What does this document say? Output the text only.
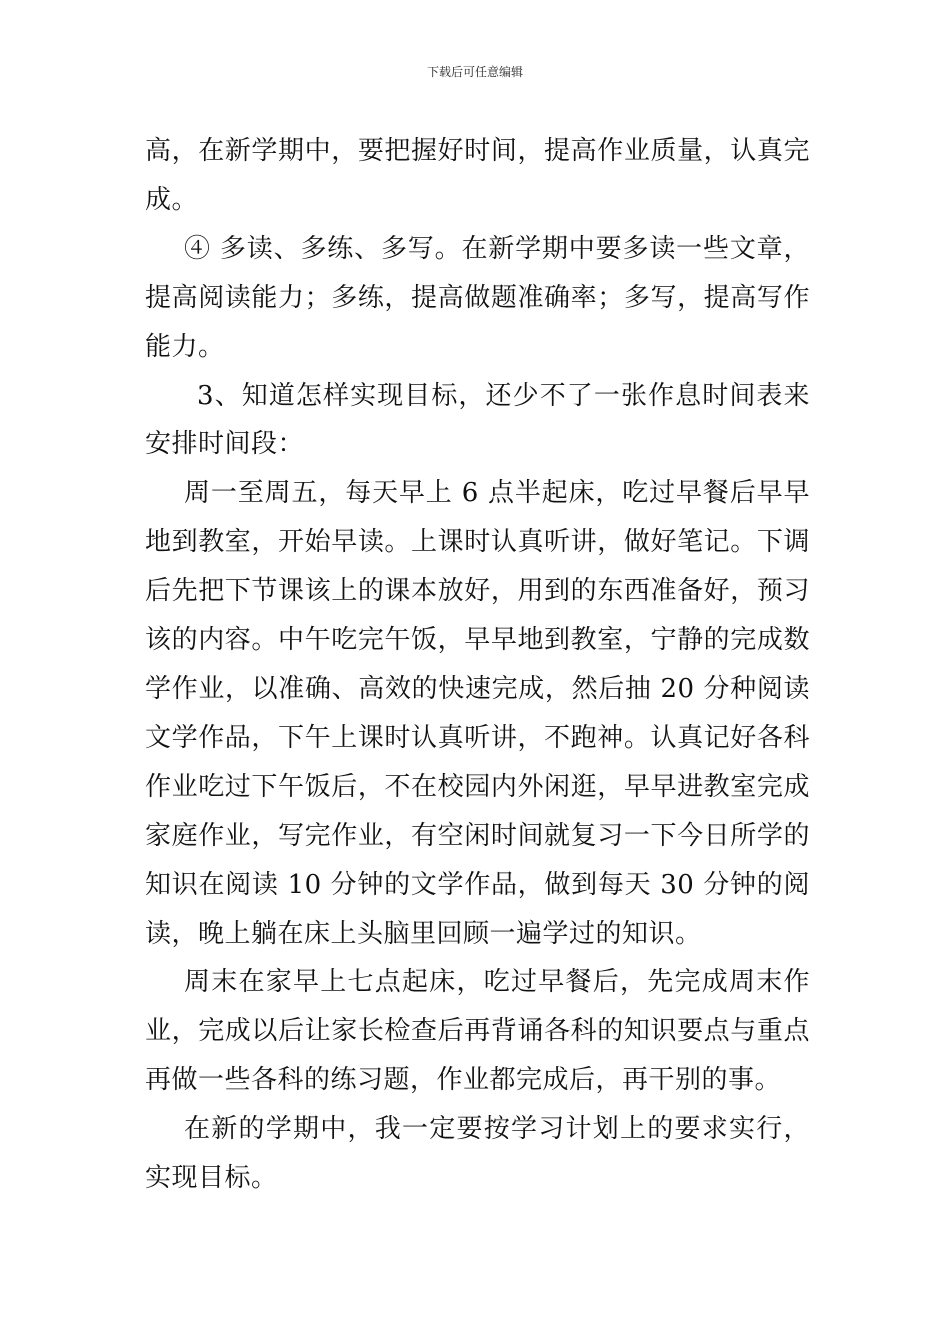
下载后可任意编辑

高，在新学期中，要把握好时间，提高作业质量，认真完成。

④ 多读、多练、多写。在新学期中要多读一些文章，提高阅读能力；多练，提高做题准确率；多写，提高写作能力。

3、知道怎样实现目标，还少不了一张作息时间表来安排时间段：

周一至周五，每天早上 6 点半起床，吃过早餐后早早地到教室，开始早读。上课时认真听讲，做好笔记。下调后先把下节课该上的课本放好，用到的东西准备好，预习该的内容。中午吃完午饭，早早地到教室，宁静的完成数学作业，以准确、高效的快速完成，然后抽 20 分种阅读文学作品，下午上课时认真听讲，不跑神。认真记好各科作业吃过下午饭后，不在校园内外闲逛，早早进教室完成家庭作业，写完作业，有空闲时间就复习一下今日所学的知识在阅读 10 分钟的文学作品，做到每天 30 分钟的阅读，晚上躺在床上头脑里回顾一遍学过的知识。

周末在家早上七点起床，吃过早餐后，先完成周末作业，完成以后让家长检查后再背诵各科的知识要点与重点再做一些各科的练习题，作业都完成后，再干别的事。

在新的学期中，我一定要按学习计划上的要求实行，实现目标。
